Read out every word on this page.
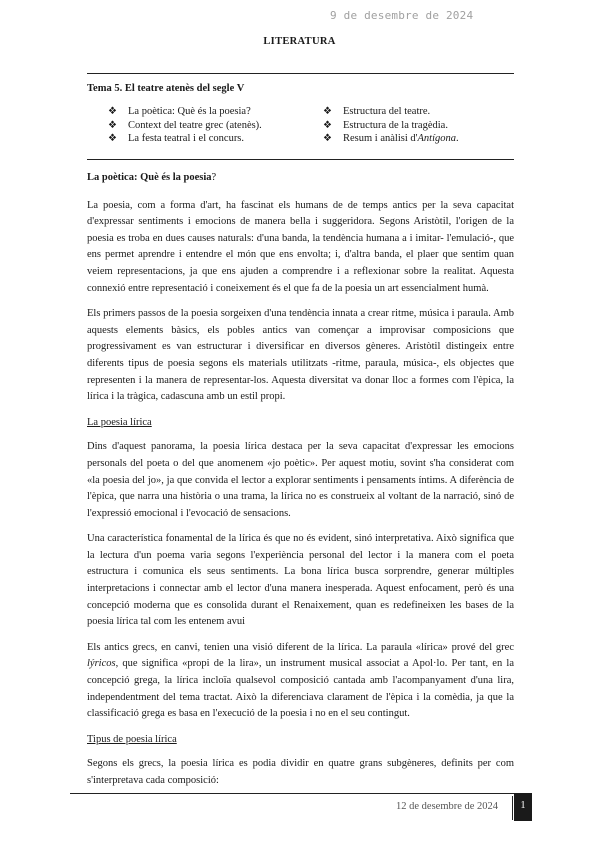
9 de desembre de 2024
LITERATURA
Tema 5. El teatre atenès del segle V
❖ La poètica: Què és la poesia?
❖ Context del teatre grec (atenès).
❖ La festa teatral i el concurs.
❖ Estructura del teatre.
❖ Estructura de la tragèdia.
❖ Resum i anàlisi d'Antígona.

La poètica: Què és la poesia?

La poesia, com a forma d'art, ha fascinat els humans de de temps antics per la seva capacitat d'expressar sentiments i emocions de manera bella i suggeridora. Segons Aristòtil, l'origen de la poesia es troba en dues causes naturals: d'una banda, la tendència humana a i imitar- l'emulació-, que ens permet aprendre i entendre el món que ens envolta; i, d'altra banda, el plaer que sentim quan veiem representacions, ja que ens ajuden a comprendre i a reflexionar sobre la realitat. Aquesta connexió entre representació i coneixement és el que fa de la poesia un art essencialment humà.

Els primers passos de la poesia sorgeixen d'una tendència innata a crear ritme, música i paraula. Amb aquests elements bàsics, els pobles antics van començar a improvisar composicions que progressivament es van estructurar i diversificar en diversos gèneres. Aristòtil distingeix entre diferents tipus de poesia segons els materials utilitzats -ritme, paraula, música-, els objectes que representen i la manera de representar-los. Aquesta diversitat va donar lloc a formes com l'èpica, la lírica i la tràgica, cadascuna amb un estil propi.

La poesia lírica

Dins d'aquest panorama, la poesia lírica destaca per la seva capacitat d'expressar les emocions personals del poeta o del que anomenem «jo poètic». Per aquest motiu, sovint s'ha considerat com «la poesia del jo», ja que convida el lector a explorar sentiments i pensaments íntims. A diferència de l'èpica, que narra una història o una trama, la lírica no es construeix al voltant de la narració, sinó de l'expressió emocional i l'evocació de sensacions.

Una característica fonamental de la lírica és que no és evident, sinó interpretativa. Això significa que la lectura d'un poema varia segons l'experiència personal del lector i la manera com el poeta estructura i comunica els seus sentiments. La bona lírica busca sorprendre, generar múltiples interpretacions i connectar amb el lector d'una manera inesperada. Aquest enfocament, però és una concepció moderna que es consolida durant el Renaixement, quan es redefineixen les bases de la poesia lírica tal com les entenem avui

Els antics grecs, en canvi, tenien una visió diferent de la lírica. La paraula «lírica» prové del grec lýricos, que significa «propi de la lira», un instrument musical associat a Apol·lo. Per tant, en la concepció grega, la lírica incloïa qualsevol composició cantada amb l'acompanyament d'una lira, independentment del tema tractat. Això la diferenciava clarament de l'èpica i la comèdia, ja que la classificació grega es basa en l'execució de la poesia i no en el seu contingut.

Tipus de poesia lírica

Segons els grecs, la poesia lírica es podia dividir en quatre grans subgèneres, definits per com s'interpretava cada composició:

12 de desembre de 2024	1
